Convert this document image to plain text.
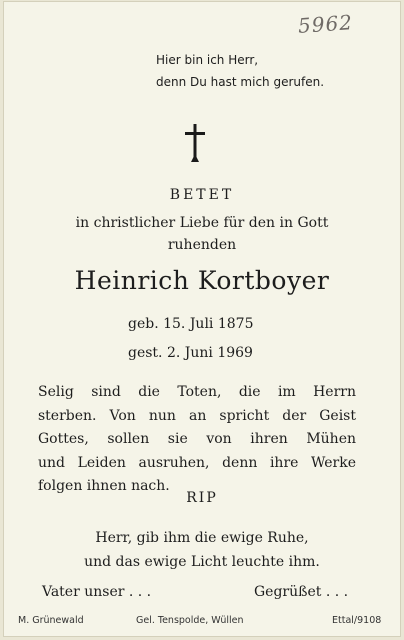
5962
Hier bin ich Herr,
denn Du hast mich gerufen.
BETET
in christlicher Liebe für den in Gott
ruhenden
Heinrich Kortboyer
geb. 15. Juli 1875
gest. 2. Juni 1969
Selig sind die Toten, die im Herrn
sterben. Von nun an spricht der Geist
Gottes, sollen sie von ihren Mühen
und Leiden ausruhen, denn ihre Werke
folgen ihnen nach.
RIP
Herr, gib ihm die ewige Ruhe,
und das ewige Licht leuchte ihm.
Vater unser . . .	Gegrüßet . . .
M. Grünewald	Gel. Tenspolde, Wüllen	Ettal/9108
